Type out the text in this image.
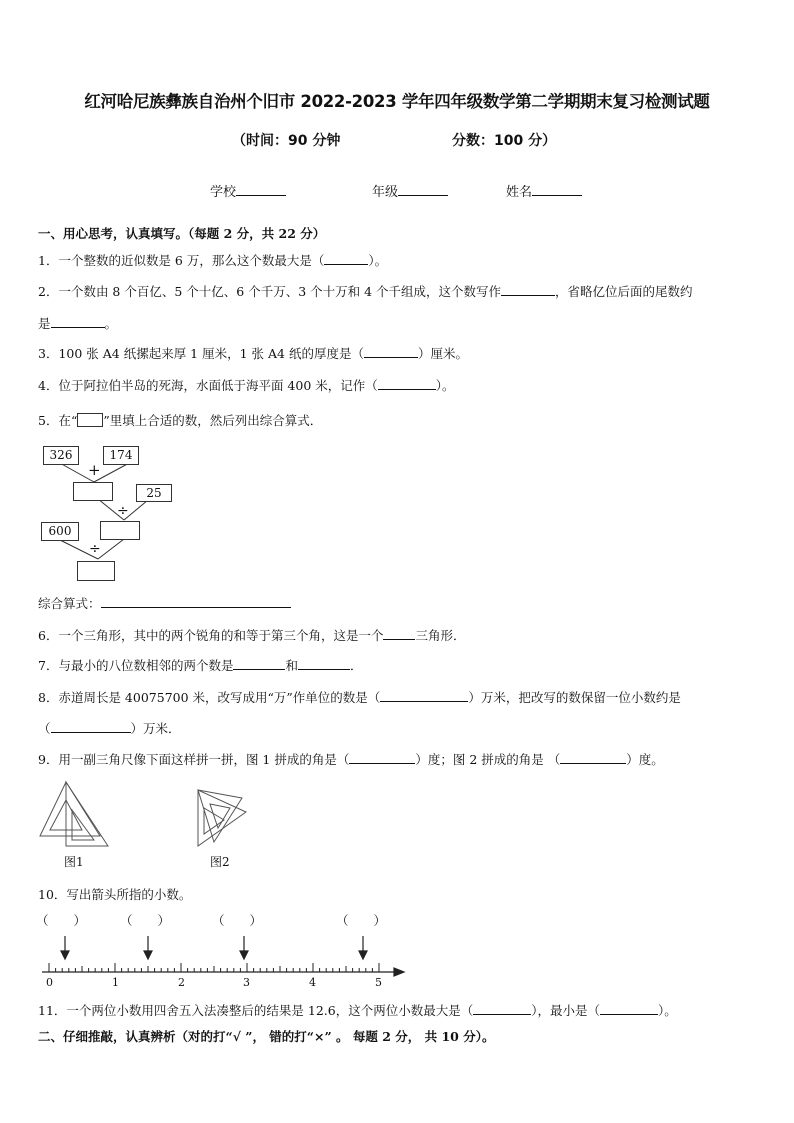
红河哈尼族彝族自治州个旧市 2022-2023 学年四年级数学第二学期期末复习检测试题
（时间：90 分钟	分数：100 分）
学校	年级	姓名
一、用心思考，认真填写。（每题 2 分，共 22 分）
1．一个整数的近似数是 6 万，那么这个数最大是（	）。
2．一个数由 8 个百亿、5 个十亿、6 个千万、3 个十万和 4 个千组成，这个数写作	，省略亿位后面的尾数约
是	。
3．100 张 A4 纸摞起来厚 1 厘米，1 张 A4 纸的厚度是（	）厘米。
4．位于阿拉伯半岛的死海，水面低于海平面 400 米，记作（	）。
5．在“ ”里填上合适的数，然后列出综合算式．
326	174
+
25
÷
600
÷
综合算式：
6．一个三角形，其中的两个锐角的和等于第三个角，这是一个	三角形．
7．与最小的八位数相邻的两个数是	和	．
8．赤道周长是 40075700 米，改写成用“万”作单位的数是（	）万米，把改写的数保留一位小数约是
（	）万米．
9．用一副三角尺像下面这样拼一拼，图 1 拼成的角是（	）度；图 2 拼成的角是 （	）度。
图1	图2
10．写出箭头所指的小数。
（　　）	（　　）	（　　）	（　　）
0	1	2	3	4	5
11．一个两位小数用四舍五入法凑整后的结果是 12.6，这个两位小数最大是（	），最小是（	）。
二、仔细推敲，认真辨析（对的打“√ ”， 错的打“×” 。 每题 2 分， 共 10 分）。
